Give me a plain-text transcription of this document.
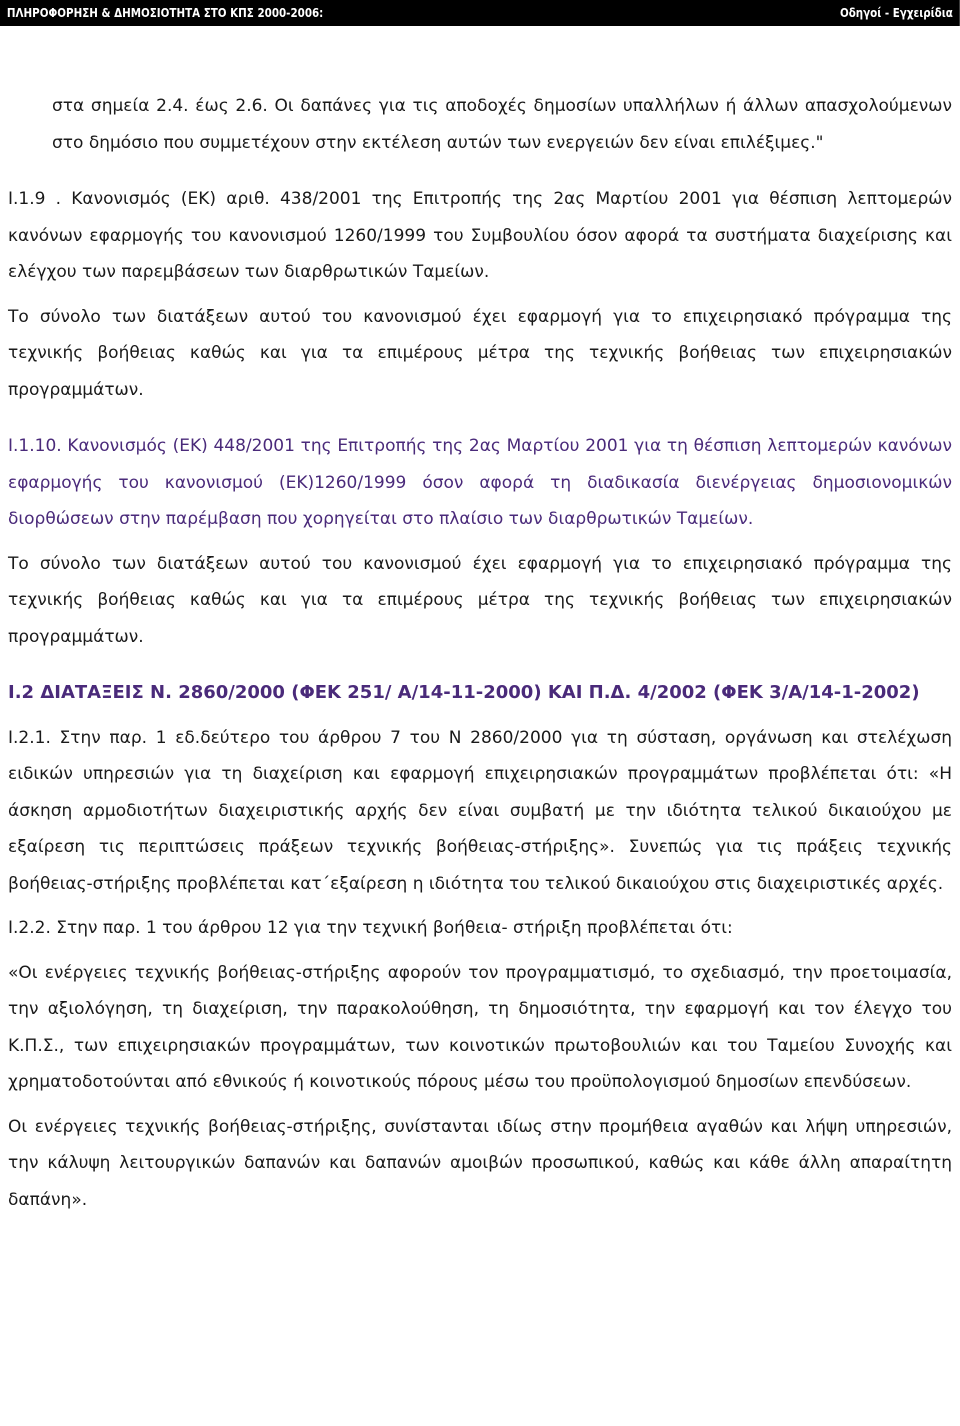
ΠΛΗΡΟΦΟΡΗΣΗ & ΔΗΜΟΣΙΟΤΗΤΑ ΣΤΟ ΚΠΣ 2000-2006:	Οδηγοί - Εγχειρίδια

στα σημεία 2.4. έως 2.6. Οι δαπάνες για τις αποδοχές δημοσίων υπαλλήλων ή άλλων απασχολούμενων στο δημόσιο που συμμετέχουν στην εκτέλεση αυτών των ενεργειών δεν είναι επιλέξιμες."

Ι.1.9 . Κανονισμός (ΕΚ) αριθ. 438/2001 της Επιτροπής της 2ας Μαρτίου 2001 για θέσπιση λεπτομερών κανόνων εφαρμογής του κανονισμού 1260/1999 του Συμβουλίου όσον αφορά τα συστήματα διαχείρισης και ελέγχου των παρεμβάσεων των διαρθρωτικών Ταμείων.

Το σύνολο των διατάξεων αυτού του κανονισμού έχει εφαρμογή για το επιχειρησιακό πρόγραμμα της τεχνικής βοήθειας καθώς και για τα επιμέρους μέτρα της τεχνικής βοήθειας των επιχειρησιακών προγραμμάτων.

Ι.1.10. Κανονισμός (ΕΚ) 448/2001 της Επιτροπής της 2ας Μαρτίου 2001 για τη θέσπιση λεπτομερών κανόνων εφαρμογής του κανονισμού (ΕΚ)1260/1999 όσον αφορά τη διαδικασία διενέργειας δημοσιονομικών διορθώσεων στην παρέμβαση που χορηγείται στο πλαίσιο των διαρθρωτικών Ταμείων.

Το σύνολο των διατάξεων αυτού του κανονισμού έχει εφαρμογή για το επιχειρησιακό πρόγραμμα της τεχνικής βοήθειας καθώς και για τα επιμέρους μέτρα της τεχνικής βοήθειας των επιχειρησιακών προγραμμάτων.

Ι.2 ΔΙΑΤΑΞΕΙΣ Ν. 2860/2000 (ΦΕΚ 251/ Α/14-11-2000) ΚΑΙ Π.Δ. 4/2002 (ΦΕΚ 3/Α/14-1-2002)

Ι.2.1. Στην παρ. 1 εδ.δεύτερο του άρθρου 7 του Ν 2860/2000 για τη σύσταση, οργάνωση και στελέχωση ειδικών υπηρεσιών για τη διαχείριση και εφαρμογή επιχειρησιακών προγραμμάτων προβλέπεται ότι: «Η άσκηση αρμοδιοτήτων διαχειριστικής αρχής δεν είναι συμβατή με την ιδιότητα τελικού δικαιούχου με εξαίρεση τις περιπτώσεις πράξεων τεχνικής βοήθειας-στήριξης». Συνεπώς για τις πράξεις τεχνικής βοήθειας-στήριξης προβλέπεται κατ΄εξαίρεση η ιδιότητα του τελικού δικαιούχου στις διαχειριστικές αρχές.

Ι.2.2. Στην παρ. 1 του άρθρου 12 για την τεχνική βοήθεια- στήριξη προβλέπεται ότι:

«Οι ενέργειες τεχνικής βοήθειας-στήριξης αφορούν τον προγραμματισμό, το σχεδιασμό, την προετοιμασία, την αξιολόγηση, τη διαχείριση, την παρακολούθηση, τη δημοσιότητα, την εφαρμογή και τον έλεγχο του Κ.Π.Σ., των επιχειρησιακών προγραμμάτων, των κοινοτικών πρωτοβουλιών και του Ταμείου Συνοχής και χρηματοδοτούνται από εθνικούς ή κοινοτικούς πόρους μέσω του προϋπολογισμού δημοσίων επενδύσεων.

Οι ενέργειες τεχνικής βοήθειας-στήριξης, συνίστανται ιδίως στην προμήθεια αγαθών και λήψη υπηρεσιών, την κάλυψη λειτουργικών δαπανών και δαπανών αμοιβών προσωπικού, καθώς και κάθε άλλη απαραίτητη δαπάνη».
